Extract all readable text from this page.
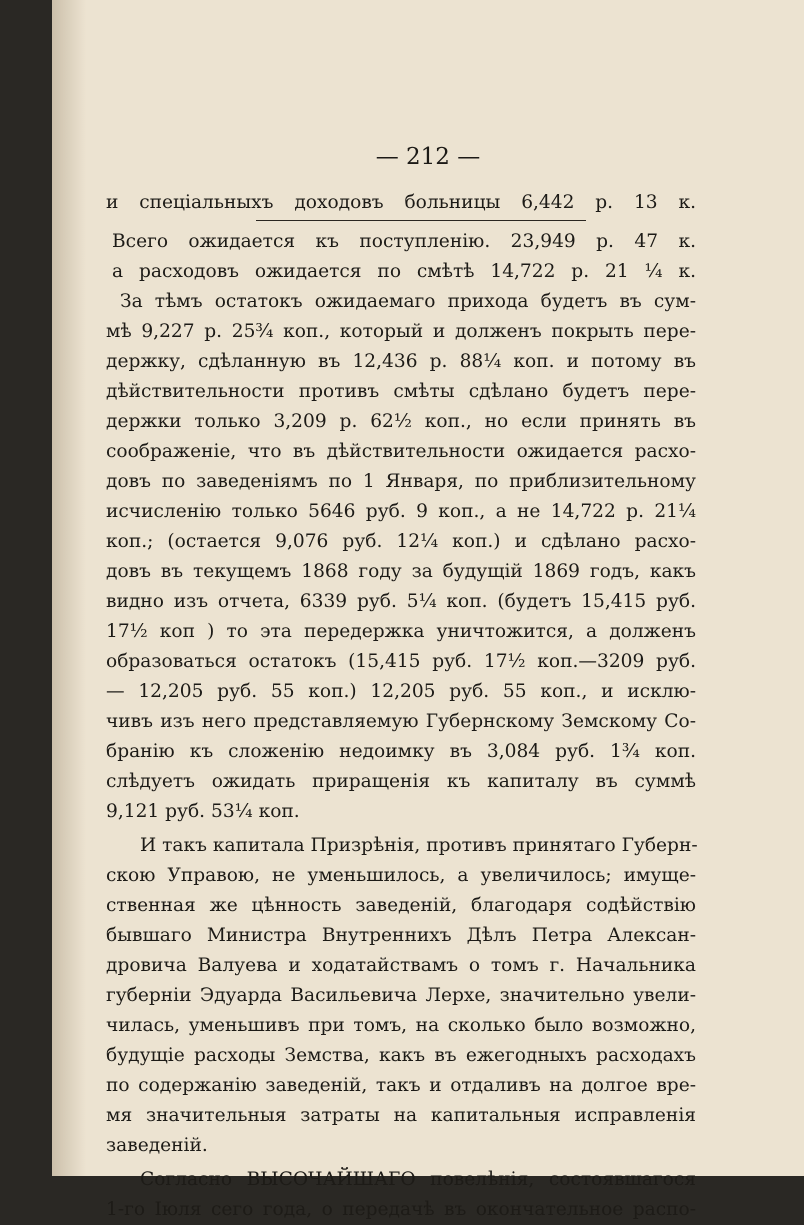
— 212 —
и спеціальныхъ доходовъ больницы 6,442 р. 13 к.
Всего ожидается къ поступленію. 23,949 р. 47 к.
а расходовъ ожидается по смѣтѣ 14,722 р. 21 ¼ к.
За тѣмъ остатокъ ожидаемаго прихода будетъ въ сум-
мѣ 9,227 р. 25¾ коп., который и долженъ покрыть пере-
держку, сдѣланную въ 12,436 р. 88¼ коп. и потому въ
дѣйствительности противъ смѣты сдѣлано будетъ пере-
держки только 3,209 р. 62½ коп., но если принять въ
соображеніе, что въ дѣйствительности ожидается расхо-
довъ по заведеніямъ по 1 Января, по приблизительному
исчисленію только 5646 руб. 9 коп., а не 14,722 р. 21¼
коп.; (остается 9,076 руб. 12¼ коп.) и сдѣлано расхо-
довъ въ текущемъ 1868 году за будущій 1869 годъ, какъ
видно изъ отчета, 6339 руб. 5¼ коп. (будетъ 15,415 руб.
17½ коп ) то эта передержка уничтожится, а долженъ
образоваться остатокъ (15,415 руб. 17½ коп.—3209 руб.
— 12,205 руб. 55 коп.) 12,205 руб. 55 коп., и исклю-
чивъ изъ него представляемую Губернскому Земскому Со-
бранію къ сложенію недоимку въ 3,084 руб. 1¾ коп.
слѣдуетъ ожидать приращенія къ капиталу въ суммѣ
9,121 руб. 53¼ коп.
И такъ капитала Призрѣнія, противъ принятаго Губерн-
скою Управою, не уменьшилось, а увеличилось; имуще-
ственная же цѣнность заведеній, благодаря содѣйствію
бывшаго Министра Внутреннихъ Дѣлъ Петра Алексан-
дровича Валуева и ходатайствамъ о томъ г. Начальника
губерніи Эдуарда Васильевича Лерхе, значительно увели-
чилась, уменьшивъ при томъ, на сколько было возможно,
будущіе расходы Земства, какъ въ ежегодныхъ расходахъ
по содержанію заведеній, такъ и отдаливъ на долгое вре-
мя значительныя затраты на капитальныя исправленія
заведеній.
Согласно ВЫСОЧАЙШАГО повелѣнія, состоявшагося
1-го Іюля сего года, о передачѣ въ окончательное распо-
